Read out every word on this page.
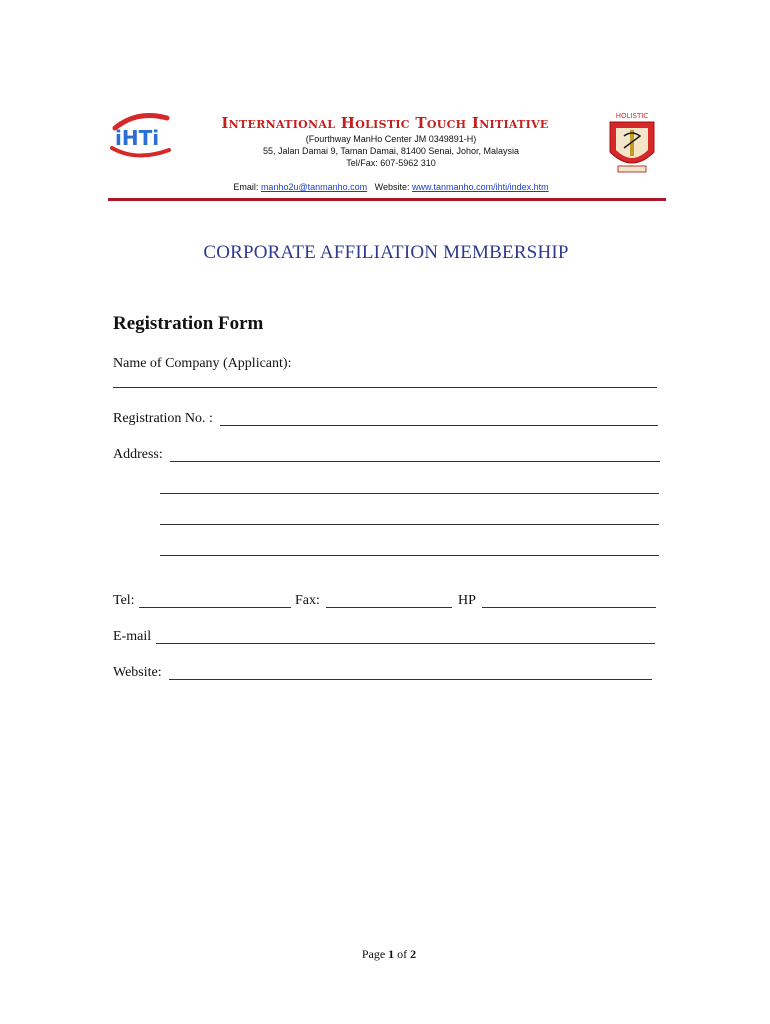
iHTi
HOLISTIC
International Holistic Touch Initiative
(Fourthway ManHo Center JM 0349891-H)
55, Jalan Damai 9, Taman Damai, 81400 Senai, Johor, Malaysia
Tel/Fax: 607-5962 310
Email: manho2u@tanmanho.com Website: www.tanmanho.com/ihti/index.htm
CORPORATE AFFILIATION MEMBERSHIP
Registration Form
Name of Company (Applicant):
Registration No. :
Address:
Tel:	Fax:	HP
E-mail
Website:
Page 1 of 2
